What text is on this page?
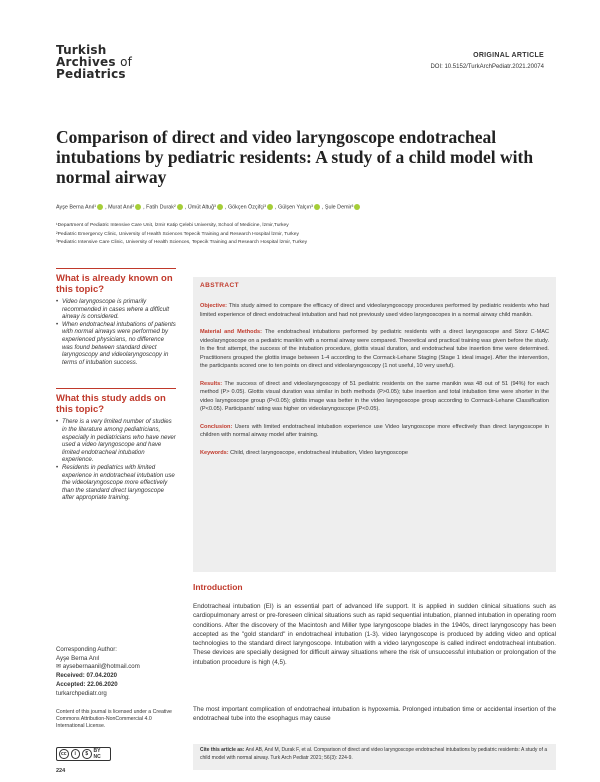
Turkish
Archives of
Pediatrics
ORIGINAL ARTICLE
DOI: 10.5152/TurkArchPediatr.2021.20074
Comparison of direct and video laryngoscope endotracheal intubations by pediatric residents: A study of a child model with normal airway
Ayşe Berna Anıl¹ , Murat Anıl² , Fatih Durak² , Ümüt Altuğ³ , Gökçen Özçifçi³ , Gülşen Yalçın³ , Şule Demir³
¹Department of Pediatric Intensive Care Unit, İzmir Katip Çelebi University, School of Medicine, İzmir,Turkey
²Pediatric Emergency Clinic, University of Health Sciences Tepecik Training and Research Hospital İzmir, Turkey
³Pediatric Intensive Care Clinic, University of Health Sciences, Tepecik Training and Research Hospital İzmir, Turkey
What is already known on this topic?
• Video laryngoscope is primarily recommended in cases where a difficult airway is considered.
• When endotracheal intubations of patients with normal airways were performed by experienced physicians, no difference was found between standard direct laryngoscopy and videolaryngoscopy in terms of intubation success.
What this study adds on this topic?
• There is a very limited number of studies in the literature among pediatricians, especially in pediatricians who have never used a video laryngoscope and have limited endotracheal intubation experience.
• Residents in pediatrics with limited experience in endotracheal intubation use the videolaryngoscope more effectively than the standard direct laryngoscope after appropriate training.
Corresponding Author:
Ayşe Berna Anıl
✉ aysebernaanil@hotmail.com
Received: 07.04.2020
Accepted: 22.06.2020
turkarchpediatr.org
Content of this journal is licensed under a Creative Commons Attribution-NonCommercial 4.0 International License.
cc	i	$	BY NC
224
ABSTRACT

Objective: This study aimed to compare the efficacy of direct and videolaryngoscopy procedures performed by pediatric residents who had limited experience of direct endotracheal intubation and had not previously used video laryngoscopes in a normal airway child manikin.

Material and Methods: The endotracheal intubations performed by pediatric residents with a direct laryngoscope and Storz C-MAC videolaryngoscope on a pediatric manikin with a normal airway were compared. Theoretical and practical training was given before the study. In the first attempt, the success of the intubation procedure, glottis visual duration, and endotracheal tube insertion time were determined. Practitioners grouped the glottis image between 1-4 according to the Cormack-Lehane Staging (Stage 1 ideal image). After the intervention, the participants scored one to ten points on direct and videolaryngoscopy (1 not useful, 10 very useful).

Results: The success of direct and videolaryngoscopy of 51 pediatric residents on the same manikin was 48 out of 51 (94%) for each method (P> 0.05). Glottis visual duration was similar in both methods (P>0.05); tube insertion and total intubation time were shorter in the video laryngoscope group (P<0.05); glottis image was better in the video laryngoscope group according to Cormack-Lehane Classification (P<0.05). Participants' rating was higher on videolaryngoscope (P<0.05).

Conclusion: Users with limited endotracheal intubation experience use Video laryngoscope more effectively than direct laryngoscope in children with normal airway model after training.

Keywords: Child, direct laryngoscope, endotracheal intubation, Video laryngoscope

Introduction

Endotracheal intubation (EI) is an essential part of advanced life support. It is applied in sudden clinical situations such as cardiopulmonary arrest or pre-foreseen clinical situations such as rapid sequential intubation, planned intubation in operating room conditions. After the discovery of the Macintosh and Miller type laryngoscope blades in the 1940s, direct laryngoscopy has been accepted as the "gold standard" in endotracheal intubation (1-3). video laryngoscope is produced by adding video and optical technologies to the standard direct laryngoscope. Intubation with a video laryngoscope is called indirect endotracheal intubation. These devices are specially designed for difficult airway situations where the risk of unsuccessful intubation or prolongation of the intubation procedure is high (4,5).

The most important complication of endotracheal intubation is hypoxemia. Prolonged intubation time or accidental insertion of the endotracheal tube into the esophagus may cause

Cite this article as: Anıl AB, Anıl M, Durak F, et al. Comparison of direct and video laryngoscope endotracheal intubations by pediatric residents: A study of a child model with normal airway. Turk Arch Pediatr 2021; 56(3): 224-9.
